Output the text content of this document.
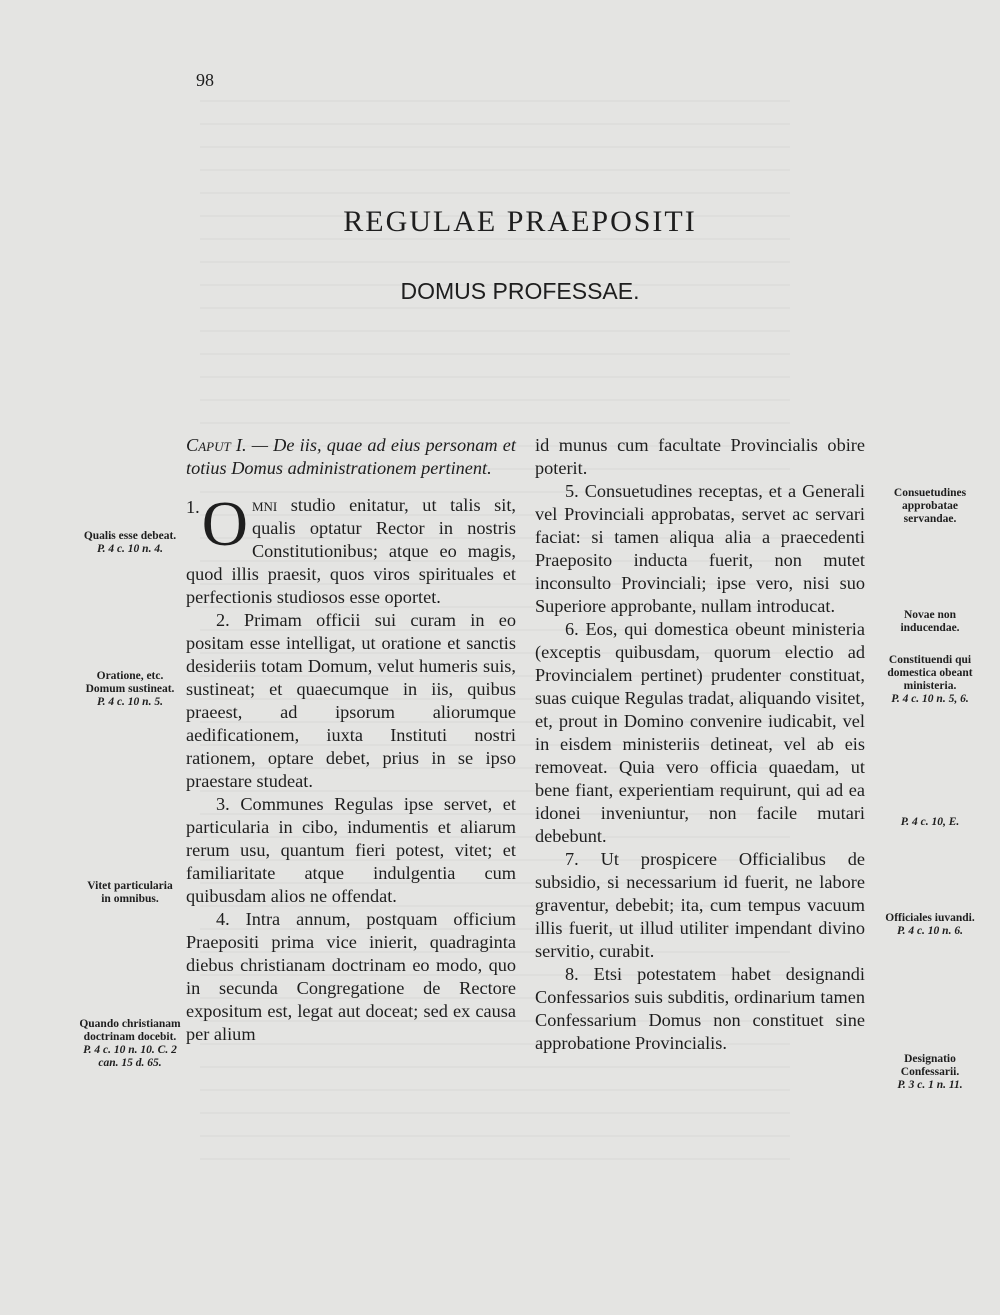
98
REGULAE PRAEPOSITI
DOMUS PROFESSAE.

Caput I. — De iis, quae ad eius personam et totius Domus administrationem pertinent.

1. O mni studio enitatur, ut talis sit, qualis optatur Rector in nostris Constitutionibus; atque eo magis, quod illis praesit, quos viros spirituales et perfectionis studiosos esse oportet.

2. Primam officii sui curam in eo positam esse intelligat, ut oratione et sanctis desideriis totam Domum, velut humeris suis, sustineat; et quaecumque in iis, quibus praeest, ad ipsorum aliorumque aedificationem, iuxta Instituti nostri rationem, optare debet, prius in se ipso praestare studeat.

3. Communes Regulas ipse servet, et particularia in cibo, indumentis et aliarum rerum usu, quantum fieri potest, vitet; et familiaritate atque indulgentia cum quibusdam alios ne offendat.

4. Intra annum, postquam officium Praepositi prima vice inierit, quadraginta diebus christianam doctrinam eo modo, quo in secunda Congregatione de Rectore expositum est, legat aut doceat; sed ex causa per alium

id munus cum facultate Provincialis obire poterit.

5. Consuetudines receptas, et a Generali vel Provinciali approbatas, servet ac servari faciat: si tamen aliqua alia a praecedenti Praeposito inducta fuerit, non mutet inconsulto Provinciali; ipse vero, nisi suo Superiore approbante, nullam introducat.

6. Eos, qui domestica obeunt ministeria (exceptis quibusdam, quorum electio ad Provincialem pertinet) prudenter constituat, suas cuique Regulas tradat, aliquando visitet, et, prout in Domino convenire iudicabit, vel in eisdem ministeriis detineat, vel ab eis removeat. Quia vero officia quaedam, ut bene fiant, experientiam requirunt, qui ad ea idonei inveniuntur, non facile mutari debebunt.

7. Ut prospicere Officialibus de subsidio, si necessarium id fuerit, ne labore graventur, debebit; ita, cum tempus vacuum illis fuerit, ut illud utiliter impendant divino servitio, curabit.

8. Etsi potestatem habet designandi Confessarios suis subditis, ordinarium tamen Confessarium Domus non constituet sine approbatione Provincialis.

Qualis esse debeat.
P. 4 c. 10 n. 4.
Oratione, etc. Domum sustineat.
P. 4 c. 10 n. 5.
Vitet particularia in omnibus.
Quando christianam doctrinam docebit.
P. 4 c. 10 n. 10. C. 2 can. 15 d. 65.
Consuetudines approbatae servandae.
Novae non inducendae.
Constituendi qui domestica obeant ministeria.
P. 4 c. 10 n. 5, 6.
P. 4 c. 10, E.
Officiales iuvandi.
P. 4 c. 10 n. 6.
Designatio Confessarii.
P. 3 c. 1 n. 11.
